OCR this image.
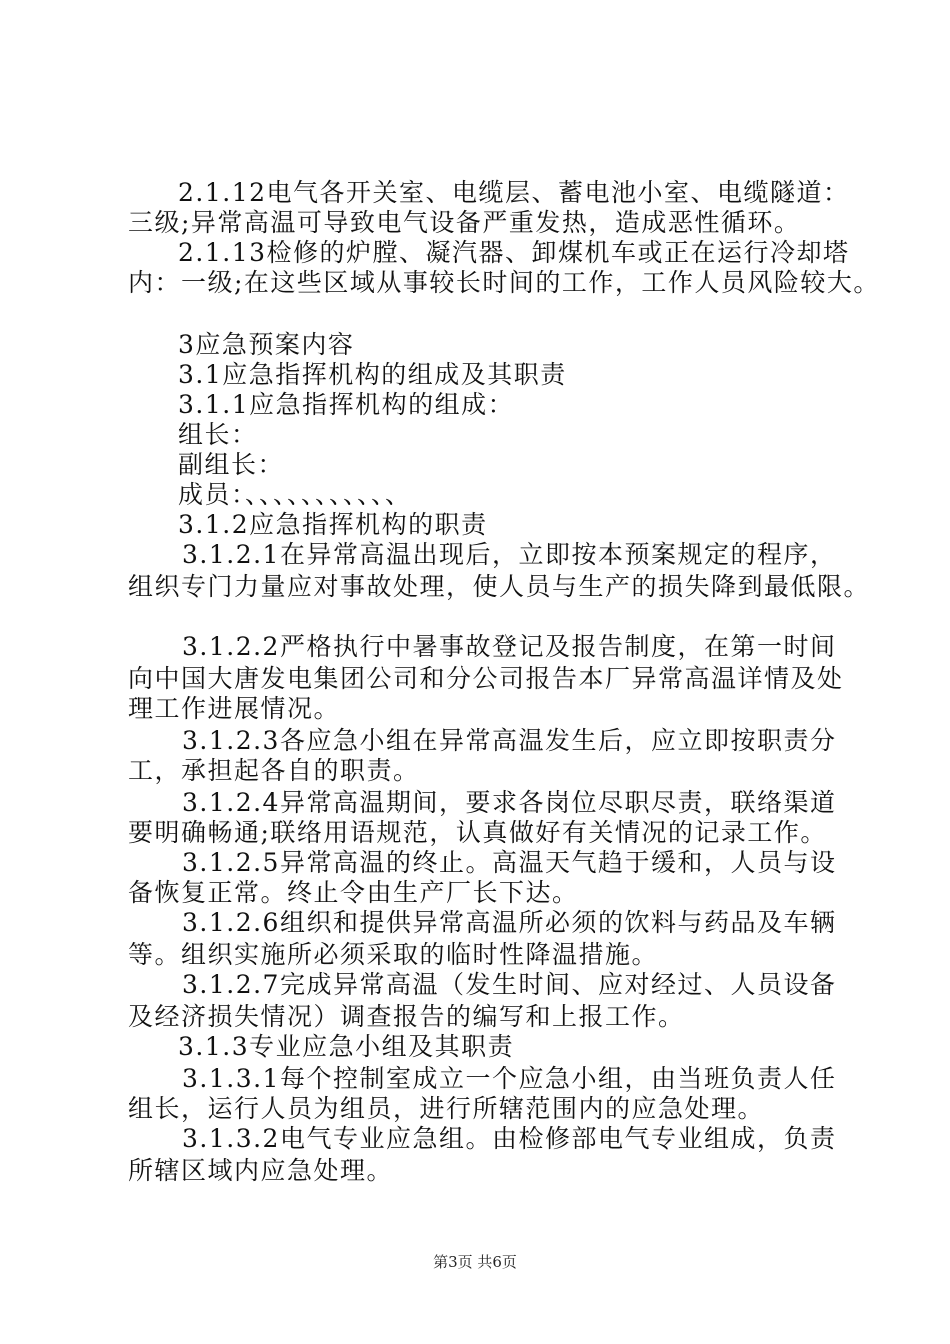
2.1.12电气各开关室、电缆层、蓄电池小室、电缆隧道：
三级;异常高温可导致电气设备严重发热，造成恶性循环。
2.1.13检修的炉膛、凝汽器、卸煤机车或正在运行冷却塔
内：一级;在这些区域从事较长时间的工作，工作人员风险较大。
3应急预案内容
3.1应急指挥机构的组成及其职责
3.1.1应急指挥机构的组成：
组长：
副组长：
成员：、、、、、、、、、、、
3.1.2应急指挥机构的职责
3.1.2.1在异常高温出现后，立即按本预案规定的程序，
组织专门力量应对事故处理，使人员与生产的损失降到最低限。
3.1.2.2严格执行中暑事故登记及报告制度，在第一时间
向中国大唐发电集团公司和分公司报告本厂异常高温详情及处
理工作进展情况。
3.1.2.3各应急小组在异常高温发生后，应立即按职责分
工，承担起各自的职责。
3.1.2.4异常高温期间，要求各岗位尽职尽责，联络渠道
要明确畅通;联络用语规范，认真做好有关情况的记录工作。
3.1.2.5异常高温的终止。高温天气趋于缓和，人员与设
备恢复正常。终止令由生产厂长下达。
3.1.2.6组织和提供异常高温所必须的饮料与药品及车辆
等。组织实施所必须采取的临时性降温措施。
3.1.2.7完成异常高温（发生时间、应对经过、人员设备
及经济损失情况）调查报告的编写和上报工作。
3.1.3专业应急小组及其职责
3.1.3.1每个控制室成立一个应急小组，由当班负责人任
组长，运行人员为组员，进行所辖范围内的应急处理。
3.1.3.2电气专业应急组。由检修部电气专业组成，负责
所辖区域内应急处理。
第3页 共6页
